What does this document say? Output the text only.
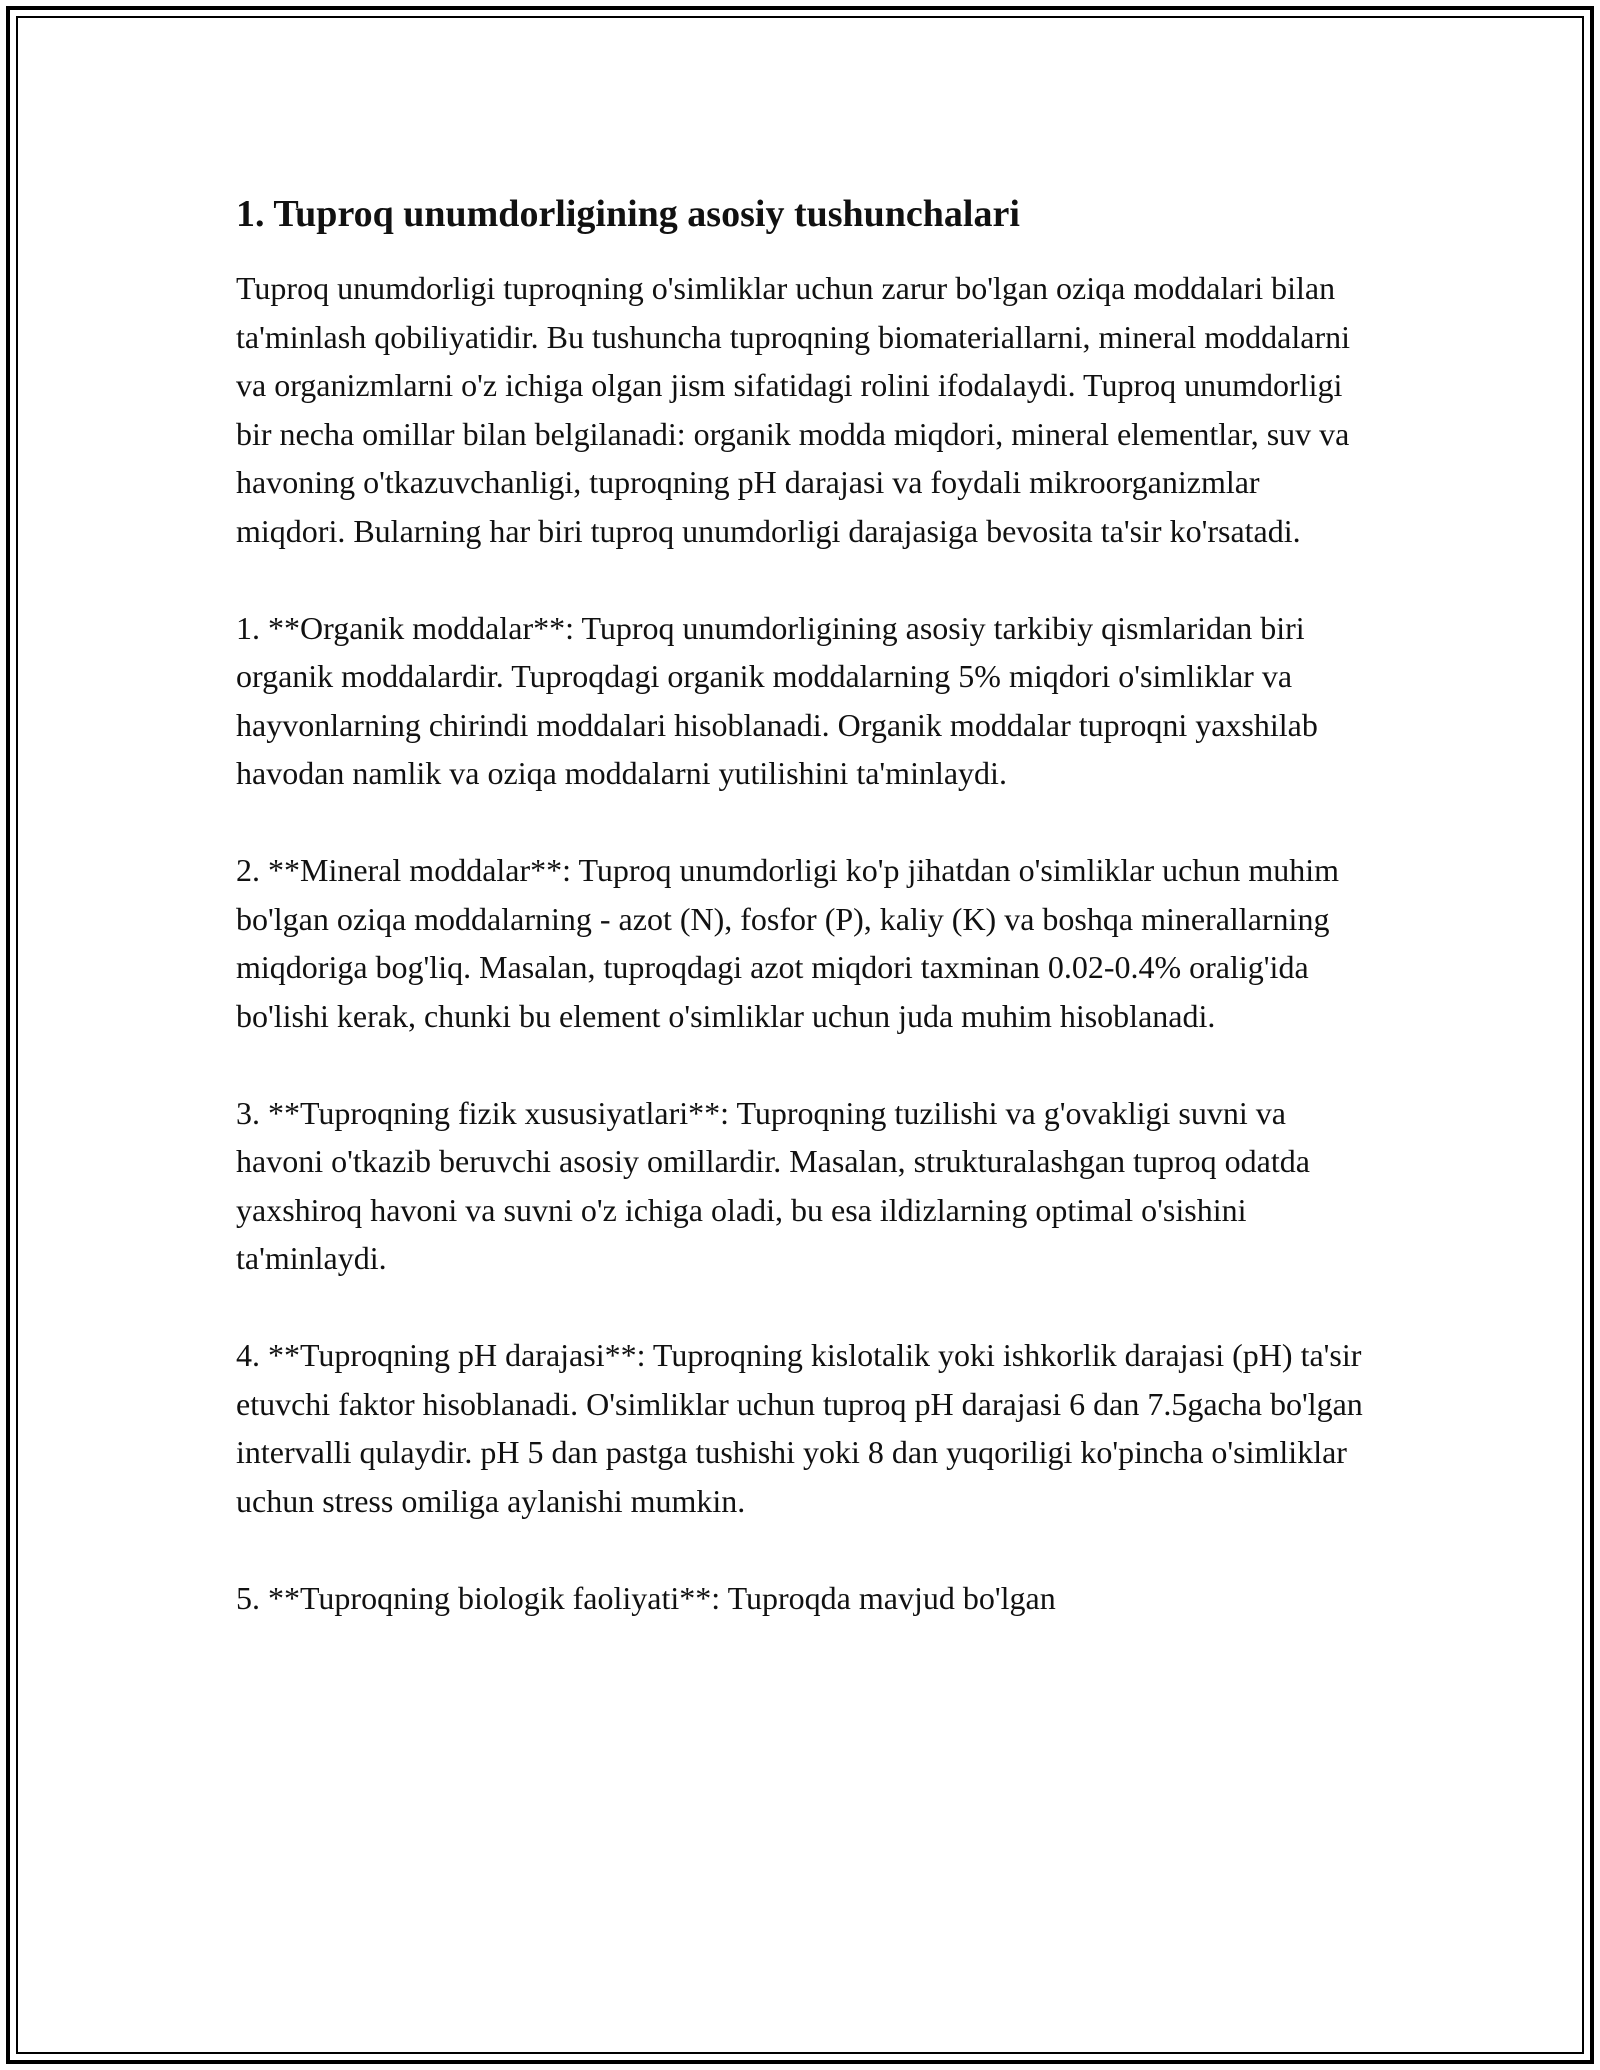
1. Tuproq unumdorligining asosiy tushunchalari

Tuproq unumdorligi tuproqning o'simliklar uchun zarur bo'lgan oziqa moddalari bilan ta'minlash qobiliyatidir. Bu tushuncha tuproqning biomateriallarni, mineral moddalarni va organizmlarni o'z ichiga olgan jism sifatidagi rolini ifodalaydi. Tuproq unumdorligi bir necha omillar bilan belgilanadi: organik modda miqdori, mineral elementlar, suv va havoning o'tkazuvchanligi, tuproqning pH darajasi va foydali mikroorganizmlar miqdori. Bularning har biri tuproq unumdorligi darajasiga bevosita ta'sir ko'rsatadi.

1. **Organik moddalar**: Tuproq unumdorligining asosiy tarkibiy qismlaridan biri organik moddalardir. Tuproqdagi organik moddalarning 5% miqdori o'simliklar va hayvonlarning chirindi moddalari hisoblanadi. Organik moddalar tuproqni yaxshilab havodan namlik va oziqa moddalarni yutilishini ta'minlaydi.

2. **Mineral moddalar**: Tuproq unumdorligi ko'p jihatdan o'simliklar uchun muhim bo'lgan oziqa moddalarning - azot (N), fosfor (P), kaliy (K) va boshqa minerallarning miqdoriga bog'liq. Masalan, tuproqdagi azot miqdori taxminan 0.02-0.4% oralig'ida bo'lishi kerak, chunki bu element o'simliklar uchun juda muhim hisoblanadi.

3. **Tuproqning fizik xususiyatlari**: Tuproqning tuzilishi va g'ovakligi suvni va havoni o'tkazib beruvchi asosiy omillardir. Masalan, strukturalashgan tuproq odatda yaxshiroq havoni va suvni o'z ichiga oladi, bu esa ildizlarning optimal o'sishini ta'minlaydi.

4. **Tuproqning pH darajasi**: Tuproqning kislotalik yoki ishkorlik darajasi (pH) ta'sir etuvchi faktor hisoblanadi. O'simliklar uchun tuproq pH darajasi 6 dan 7.5gacha bo'lgan intervalli qulaydir. pH 5 dan pastga tushishi yoki 8 dan yuqoriligi ko'pincha o'simliklar uchun stress omiliga aylanishi mumkin.

5. **Tuproqning biologik faoliyati**: Tuproqda mavjud bo'lgan
